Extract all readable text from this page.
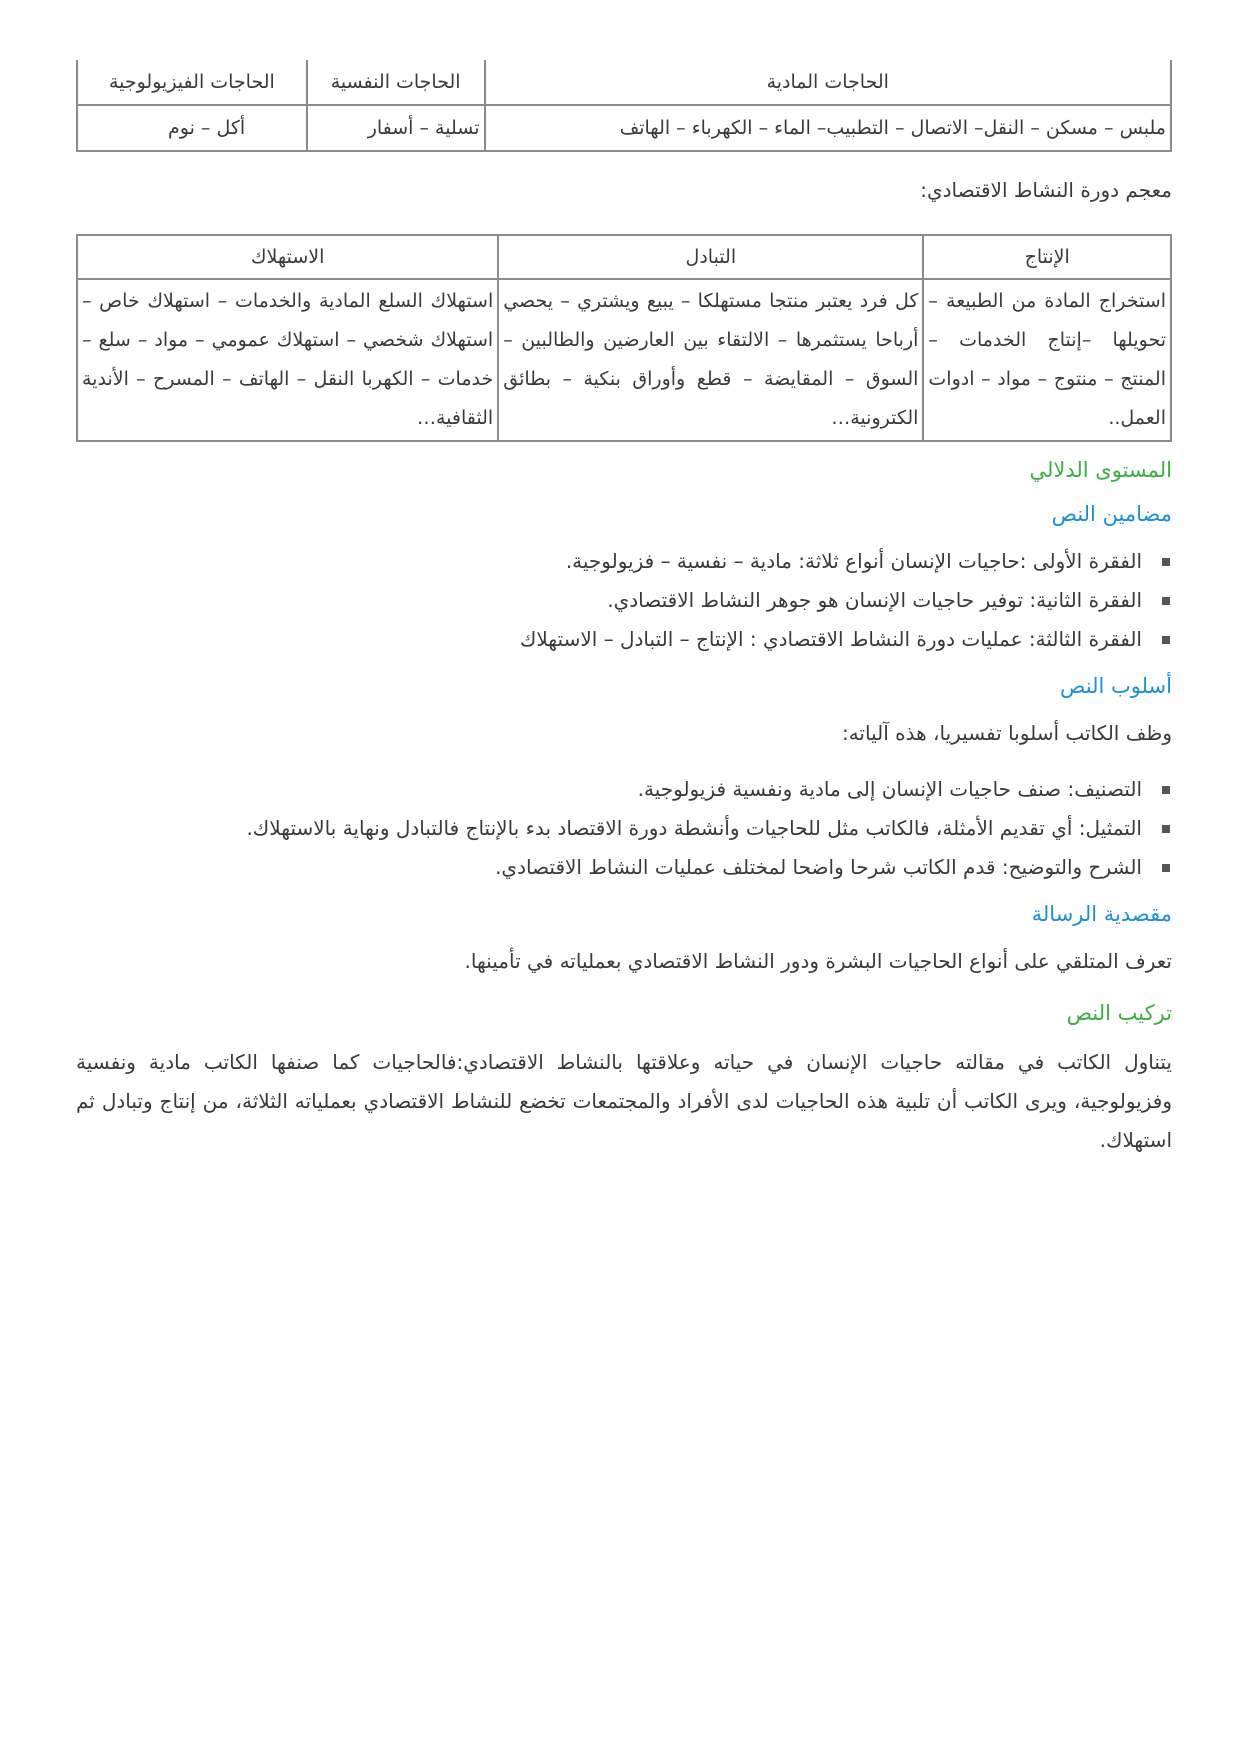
الحاجات المادية	الحاجات النفسية	الحاجات الفيزيولوجية
ملبس – مسكن – النقل– الاتصال – التطبيب– الماء – الكهرباء – الهاتف	تسلية – أسفار	أكل – نوم
معجم دورة النشاط الاقتصادي:
الإنتاج	التبادل	الاستهلاك
استخراج المادة من الطبيعة – تحويلها –إنتاج الخدمات – المنتج – منتوج – مواد – ادوات العمل..	كل فرد يعتبر منتجا مستهلكا – يبيع ويشتري – يحصي أرباحا يستثمرها – الالتقاء بين العارضين والطالبين – السوق – المقايضة – قطع وأوراق بنكية – بطائق الكترونية…	استهلاك السلع المادية والخدمات – استهلاك خاص – استهلاك شخصي – استهلاك عمومي – مواد – سلع – خدمات – الكهربا النقل – الهاتف – المسرح – الأندية الثقافية…
المستوى الدلالي
مضامين النص
الفقرة الأولى :حاجيات الإنسان أنواع ثلاثة: مادية – نفسية – فزيولوجية.
الفقرة الثانية: توفير حاجيات الإنسان هو جوهر النشاط الاقتصادي.
الفقرة الثالثة: عمليات دورة النشاط الاقتصادي : الإنتاج – التبادل – الاستهلاك
أسلوب النص
وظف الكاتب أسلوبا تفسيريا، هذه آلياته:
التصنيف: صنف حاجيات الإنسان إلى مادية ونفسية فزيولوجية.
التمثيل: أي تقديم الأمثلة، فالكاتب مثل للحاجيات وأنشطة دورة الاقتصاد بدء بالإنتاج فالتبادل ونهاية بالاستهلاك.
الشرح والتوضيح: قدم الكاتب شرحا واضحا لمختلف عمليات النشاط الاقتصادي.
مقصدية الرسالة
تعرف المتلقي على أنواع الحاجيات البشرة ودور النشاط الاقتصادي بعملياته في تأمينها.
تركيب النص
يتناول الكاتب في مقالته حاجيات الإنسان في حياته وعلاقتها بالنشاط الاقتصادي:فالحاجيات كما صنفها الكاتب مادية ونفسية وفزيولوجية، ويرى الكاتب أن تلبية هذه الحاجيات لدى الأفراد والمجتمعات تخضع للنشاط الاقتصادي بعملياته الثلاثة، من إنتاج وتبادل ثم استهلاك.
